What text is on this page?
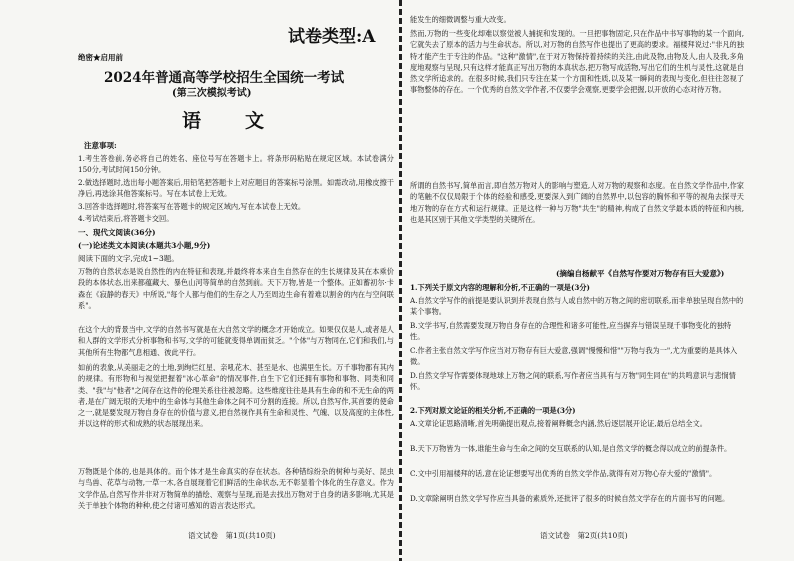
试卷类型:A
绝密★启用前
2024年普通高等学校招生全国统一考试
(第三次模拟考试)
语　　文
注意事项:
1.考生答卷前,务必将自己的姓名、座位号写在答题卡上。将条形码粘贴在规定区域。本试卷满分150分,考试时间150分钟。
2.做选择题时,选出每小题答案后,用铅笔把答题卡上对应题目的答案标号涂黑。如需改动,用橡皮擦干净后,再选涂其他答案标号。写在本试卷上无效。
3.回答非选择题时,将答案写在答题卡的规定区域内,写在本试卷上无效。
4.考试结束后,将答题卡交回。
一、现代文阅读(36分)
(一)论述类文本阅读(本题共3小题,9分)
阅读下面的文字,完成1~3题。
万物的自然状态是说自然性的内在特征和表现,并最终将本来自生自然存在的生长规律及其在本乘价段的本体状态,出来都蕴藏大、暴色山河等简单的自然到前。天下万物,皆是一个整体。正如蓄初尔·卡森在《寂静的春天》中所说,"每个人都与他们的生存之人乃至周边生命有着难以割舍的内在与空间联系"。
在这个大的背景当中,文学的自然书写就是在大自然文学的概念才开始成立。如果仅仅是人,或者是人和人群的文学形式分析事物和书写,文学的可能就变得单调而贫乏。"个体"与万物同在,它们和我们,与其他所有生物都气息相通、彼此平行。
如前的表象,从美丽走之的土地,到绚烂红星、亲吼花木、甚至是水、也满里生长。万千事物都有其内的规律。有形物和与视觉把握着"冰心革命"的情况事件,自生下它们还拥有事物和事物、同类和同类、"我"与"他者"之间存在这件的伦理关系往往被忽略。这些维度往往是具有生命的和不无生命的两者,是在广阔无垠的天地中的生命体与其他生命体之间不可分割的连接。所以,自然写作,其首要的使命之一,就是要发现万物自身存在的价值与意义,把自然视作具有生命和灵性、气魄、以及高度的主体性,并以这样的形式和成熟的状态展现出来。
万物既是个体的,也是具体的。而个体才是生命真实的存在状态。各种错综纷杂的树种与美好、昆虫与鸟兽、花草与动物,一草一木,各自展现着它们鲜活的生命状态,无不彰显着个体化的生存意义。作为文学作品,自然写作并非对万物简单的描绘、观察与呈现,而是去找出万物对于自身的诸多影响,尤其是关于单独个体物的种种,使之付诸可感知的语言表达形式。
语文试卷　第1页(共10页)
能发生的细微调整与重大改变。
然而,万物的一些变化却难以察觉被人捕捉和发现的。一旦把事物固定,只在作品中书写事物的某一个面向,它就失去了原本的活力与生命状态。所以,对万物的自然写作也提出了更高的要求。福楼拜说过:"非凡的独特才能产生于专注的作品。"这种"激情",在于对万物保持着持续的关注,由此及物,由物及人,由人及我,多角度地观察与呈现,只有这样才能真正写出万物的本真状态,把万物写成活物,写出它们的生机与灵性,这就是自然文学所追求的。在很多时候,我们只专注在某一个方面和性质,以及某一瞬间的表现与变化,但往往忽视了事物整体的存在。一个优秀的自然文学作者,不仅要学会观察,更要学会把握,以开放的心态对待万物。
所谓的自然书写,简单而言,即自然万物对人的影响与塑造,人对万物的观察和态度。在自然文学作品中,作家的笔触不仅仅局限于个体的经验和感受,更要深入到广阔的自然界中,以包容的胸怀和平等的视角去探寻天地万物的存在方式和运行规律。正是这样一种与万物"共生"的精神,构成了自然文学最本质的特征和内核,也是其区别于其他文学类型的关键所在。
(摘编自杨献平《自然写作要对万物存有巨大爱意》)
1.下列关于原文内容的理解和分析,不正确的一项是(3分)
A.自然文学写作的前提是要认识到并表现自然与人或自然中的万物之间的密切联系,而非单独呈现自然中的某个事物。
B.文学书写,自然需要发现万物自身存在的合理性和诸多可能性,应当摒弃与错误呈现千事物变化的独特性。
C.作者主张自然文学写作应当对万物存有巨大爱意,强调"慢慢和惜""万物与我为一",尤为重要的是具体入微。
D.自然文学写作需要体现地球上万物之间的联系,写作者应当具有与万物"同生同在"的共鸣意识与悲悯情怀。
2.下列对原文论证的相关分析,不正确的一项是(3分)
A.文章论证思路清晰,首先明确提出观点,接着阐释概念内涵,然后逐层展开论证,最后总结全文。
B.天下万物皆为一体,谁能生命与生命之间的交互联系的认知,是自然文学的概念得以成立的前提条件。
C.文中引用福楼拜的话,意在论证想要写出优秀的自然文学作品,就得有对万物心存大爱的"激情"。
D.文章除阐明自然文学写作应当具备的素质外,还批评了很多的时候自然文学存在的片面书写的问题。
语文试卷　第2页(共10页)
